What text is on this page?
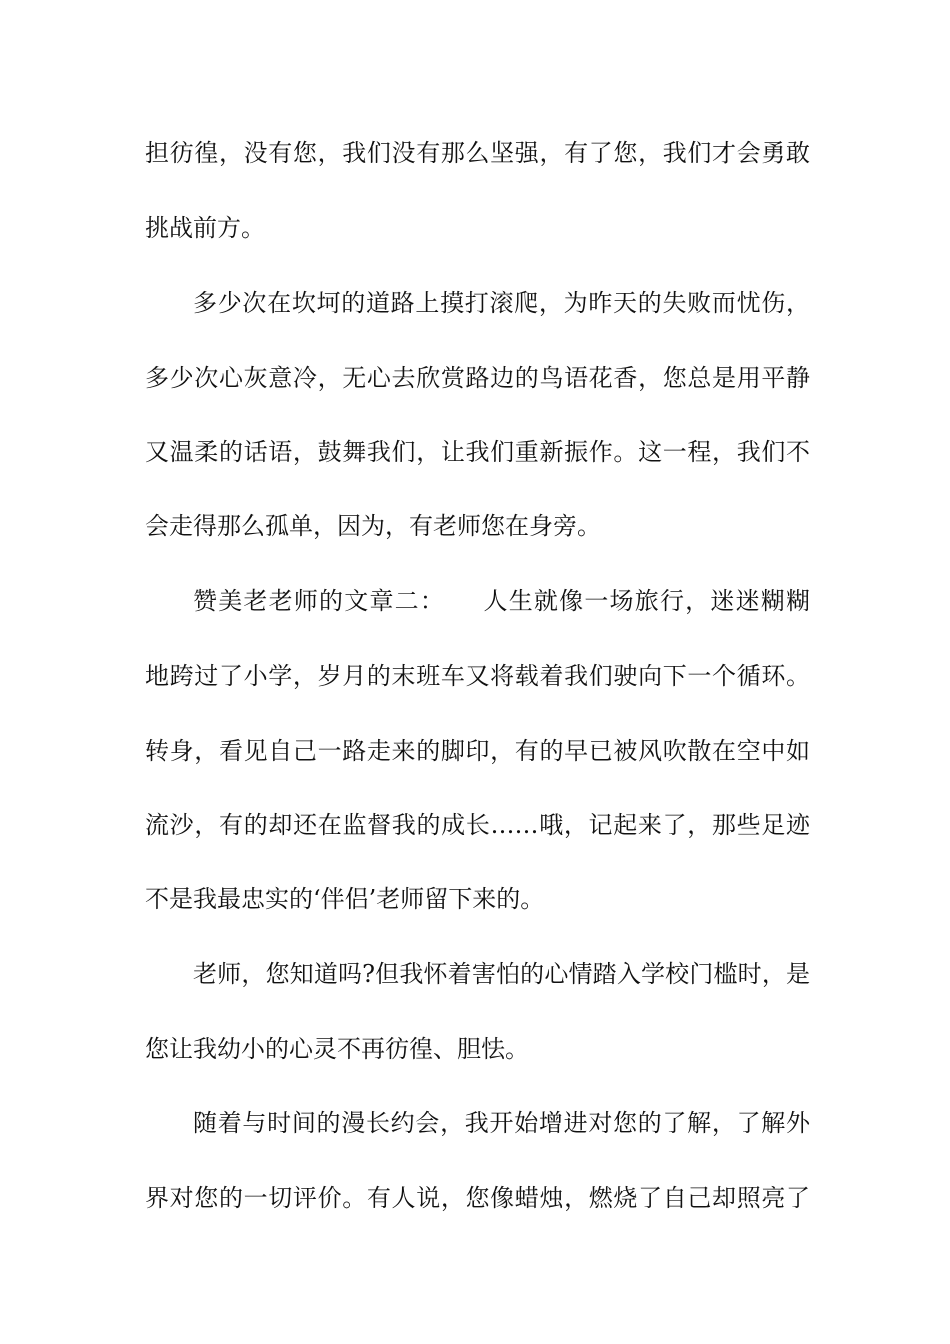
担彷徨，没有您，我们没有那么坚强，有了您，我们才会勇敢
挑战前方。
多少次在坎坷的道路上摸打滚爬，为昨天的失败而忧伤，
多少次心灰意冷，无心去欣赏路边的鸟语花香，您总是用平静
又温柔的话语，鼓舞我们，让我们重新振作。这一程，我们不
会走得那么孤单，因为，有老师您在身旁。
赞美老老师的文章二：　　人生就像一场旅行，迷迷糊糊
地跨过了小学，岁月的末班车又将载着我们驶向下一个循环。
转身，看见自己一路走来的脚印，有的早已被风吹散在空中如
流沙，有的却还在监督我的成长……哦，记起来了，那些足迹
不是我最忠实的‘伴侣’老师留下来的。
老师，您知道吗?但我怀着害怕的心情踏入学校门槛时，是
您让我幼小的心灵不再彷徨、胆怯。
随着与时间的漫长约会，我开始增进对您的了解，了解外
界对您的一切评价。有人说，您像蜡烛，燃烧了自己却照亮了
